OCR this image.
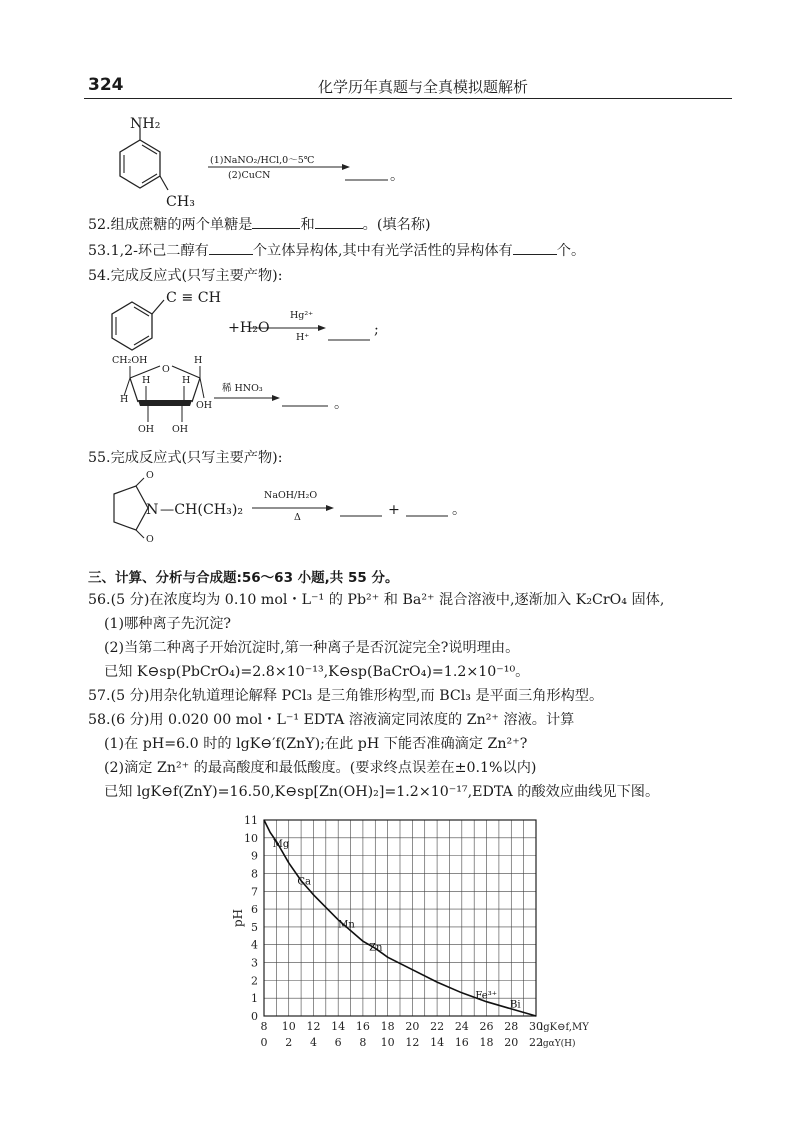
324	化学历年真题与全真模拟题解析
NH₂
CH₃
(1)NaNO₂/HCl,0～5℃
(2)CuCN	。
52.组成蔗糖的两个单糖是	和	。(填名称)
53.1,2-环己二醇有	个立体异构体,其中有光学活性的异构体有	个。
54.完成反应式(只写主要产物):
C ≡ CH
+H₂O
Hg²⁺
H⁺	;
CH₂OH	H
O
H	H
H
OH
OH OH
稀 HNO₃
。
55.完成反应式(只写主要产物):
O
O
N —CH(CH₃)₂
NaOH/H₂O
Δ	+	。
三、计算、分析与合成题:56～63 小题,共 55 分。
56.(5 分)在浓度均为 0.10 mol・L⁻¹ 的 Pb²⁺ 和 Ba²⁺ 混合溶液中,逐渐加入 K₂CrO₄ 固体,
(1)哪种离子先沉淀?
(2)当第二种离子开始沉淀时,第一种离子是否沉淀完全?说明理由。
已知 K⊖sp(PbCrO₄)=2.8×10⁻¹³,K⊖sp(BaCrO₄)=1.2×10⁻¹⁰。
57.(5 分)用杂化轨道理论解释 PCl₃ 是三角锥形构型,而 BCl₃ 是平面三角形构型。
58.(6 分)用 0.020 00 mol・L⁻¹ EDTA 溶液滴定同浓度的 Zn²⁺ 溶液。计算
(1)在 pH=6.0 时的 lgK⊖′f(ZnY);在此 pH 下能否准确滴定 Zn²⁺?
(2)滴定 Zn²⁺ 的最高酸度和最低酸度。(要求终点误差在±0.1%以内)
已知 lgK⊖f(ZnY)=16.50,K⊖sp[Zn(OH)₂]=1.2×10⁻¹⁷,EDTA 的酸效应曲线见下图。
0
1
2
3
4
5
6
7
8
9
10
11
8 10 12 14 16 18 20 22 24 26 28 30
0 2 4 6 8 10 12 14 16 18 20 22
lgK⊖f,MY
lgαY(H)
pH
Mg
Ca
Mn
Zn
Fe³⁺
Bi
